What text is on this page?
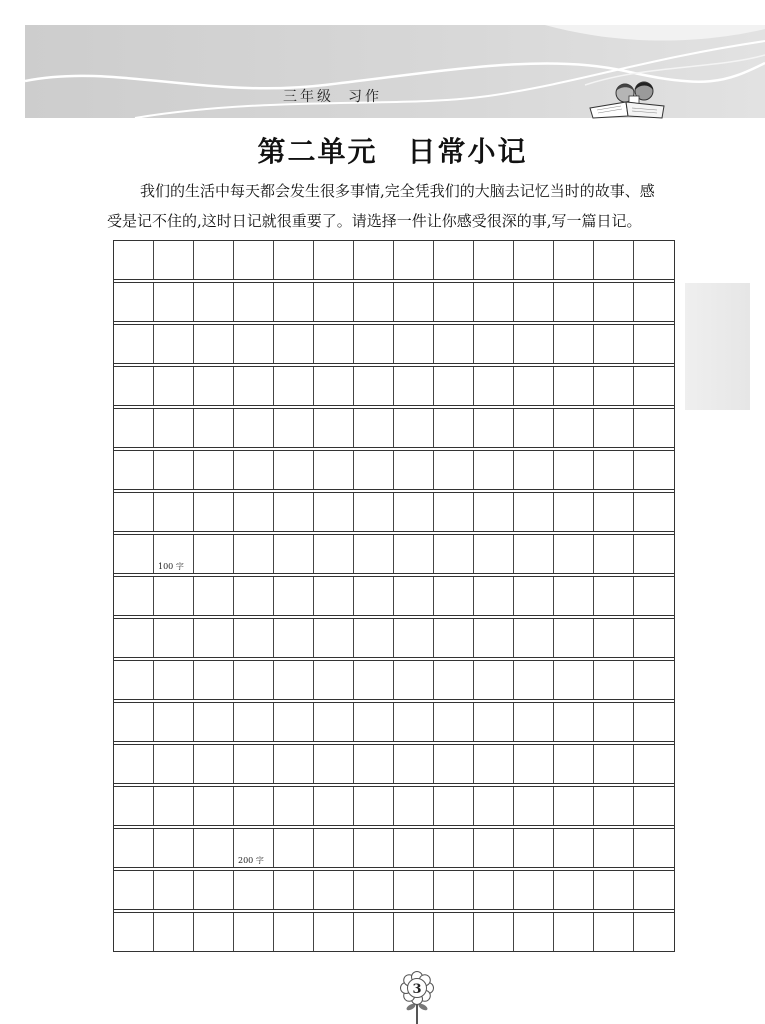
三年级 习作
第二单元　日常小记
我们的生活中每天都会发生很多事情,完全凭我们的大脑去记忆当时的故事、感
受是记不住的,这时日记就很重要了。请选择一件让你感受很深的事,写一篇日记。
100 字
200 字
3
